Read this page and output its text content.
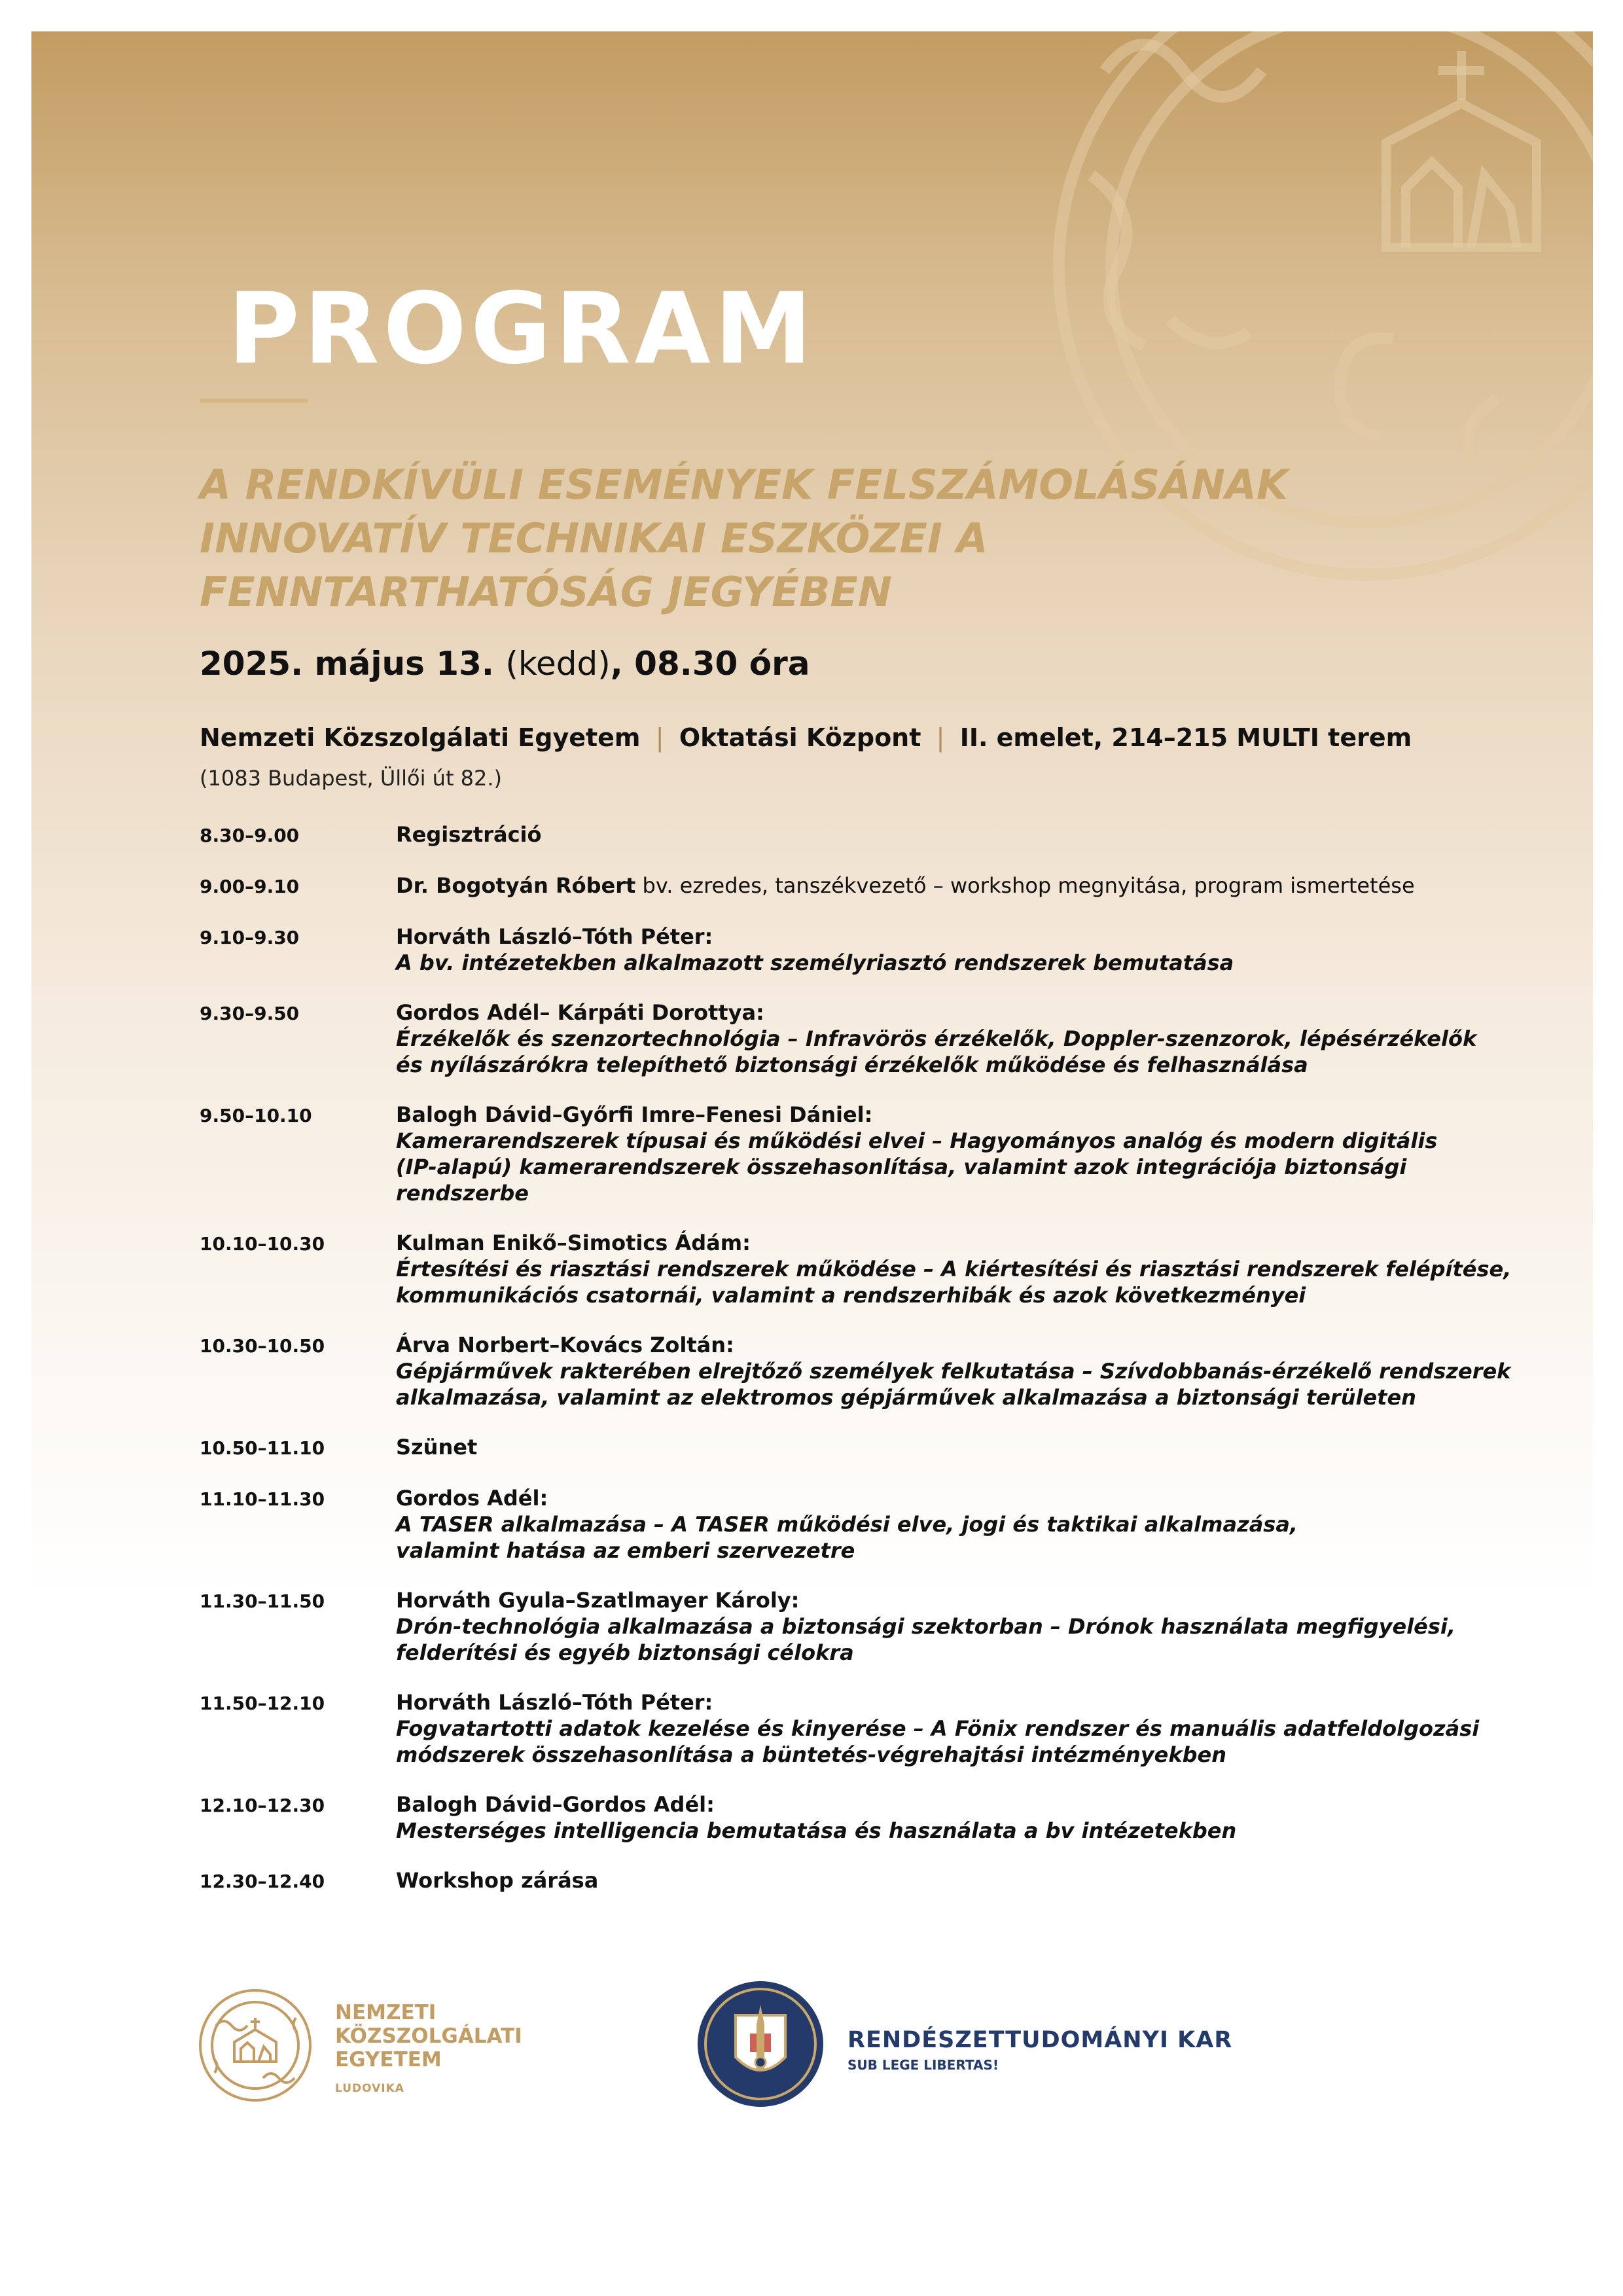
PROGRAM
A RENDKÍVÜLI ESEMÉNYEK FELSZÁMOLÁSÁNAK
INNOVATÍV TECHNIKAI ESZKÖZEI A
FENNTARTHATÓSÁG JEGYÉBEN
2025. május 13. (kedd), 08.30 óra
Nemzeti Közszolgálati Egyetem | Oktatási Központ | II. emelet, 214–215 MULTI terem
(1083 Budapest, Üllői út 82.)
8.30–9.00	Regisztráció
9.00–9.10	Dr. Bogotyán Róbert bv. ezredes, tanszékvezető – workshop megnyitása, program ismertetése
9.10–9.30	Horváth László–Tóth Péter:
A bv. intézetekben alkalmazott személyriasztó rendszerek bemutatása
9.30–9.50	Gordos Adél– Kárpáti Dorottya:
Érzékelők és szenzortechnológia – Infravörös érzékelők, Doppler-szenzorok, lépésérzékelők
és nyílászárókra telepíthető biztonsági érzékelők működése és felhasználása
9.50–10.10	Balogh Dávid–Győrfi Imre–Fenesi Dániel:
Kamerarendszerek típusai és működési elvei – Hagyományos analóg és modern digitális
(IP-alapú) kamerarendszerek összehasonlítása, valamint azok integrációja biztonsági
rendszerbe
10.10–10.30	Kulman Enikő–Simotics Ádám:
Értesítési és riasztási rendszerek működése – A kiértesítési és riasztási rendszerek felépítése,
kommunikációs csatornái, valamint a rendszerhibák és azok következményei
10.30–10.50	Árva Norbert–Kovács Zoltán:
Gépjárművek rakterében elrejtőző személyek felkutatása – Szívdobbanás-érzékelő rendszerek
alkalmazása, valamint az elektromos gépjárművek alkalmazása a biztonsági területen
10.50–11.10	Szünet
11.10–11.30	Gordos Adél:
A TASER alkalmazása – A TASER működési elve, jogi és taktikai alkalmazása,
valamint hatása az emberi szervezetre
11.30–11.50	Horváth Gyula–Szatlmayer Károly:
Drón-technológia alkalmazása a biztonsági szektorban – Drónok használata megfigyelési,
felderítési és egyéb biztonsági célokra
11.50–12.10	Horváth László–Tóth Péter:
Fogvatartotti adatok kezelése és kinyerése – A Fönix rendszer és manuális adatfeldolgozási
módszerek összehasonlítása a büntetés-végrehajtási intézményekben
12.10–12.30	Balogh Dávid–Gordos Adél:
Mesterséges intelligencia bemutatása és használata a bv intézetekben
12.30–12.40	Workshop zárása
NEMZETI
KÖZSZOLGÁLATI
EGYETEM
LUDOVIKA
RENDÉSZETTUDOMÁNYI KAR
SUB LEGE LIBERTAS!
